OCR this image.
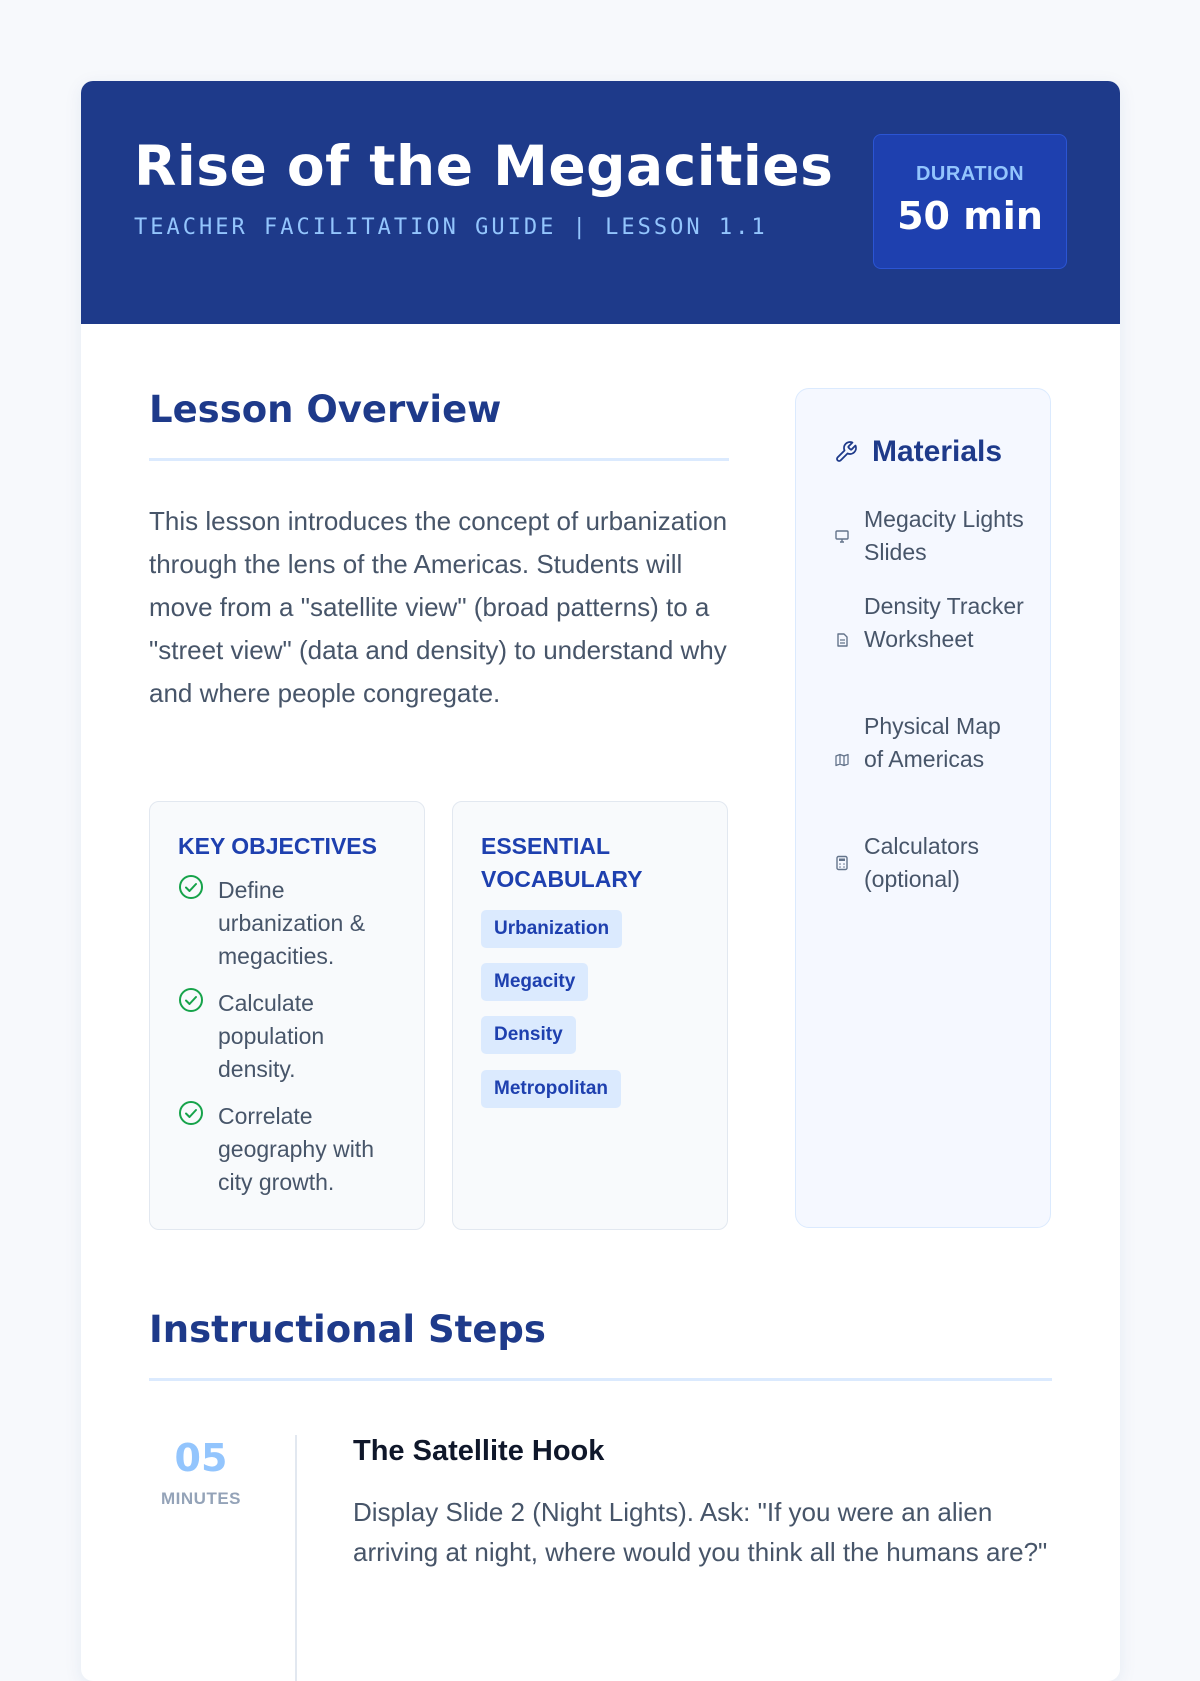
Rise of the Megacities
TEACHER FACILITATION GUIDE | LESSON 1.1
DURATION
50 min
Lesson Overview

This lesson introduces the concept of urbanization through the lens of the Americas. Students will move from a "satellite view" (broad patterns) to a "street view" (data and density) to understand why and where people congregate.

KEY OBJECTIVES
Define urbanization & megacities.
Calculate population density.
Correlate geography with city growth.
ESSENTIAL VOCABULARY
Urbanization
Megacity
Density
Metropolitan
Materials
Megacity Lights Slides
Density Tracker Worksheet
Physical Map of Americas
Calculators (optional)
Instructional Steps
05
MINUTES
The Satellite Hook

Display Slide 2 (Night Lights). Ask: "If you were an alien arriving at night, where would you think all the humans are?"
